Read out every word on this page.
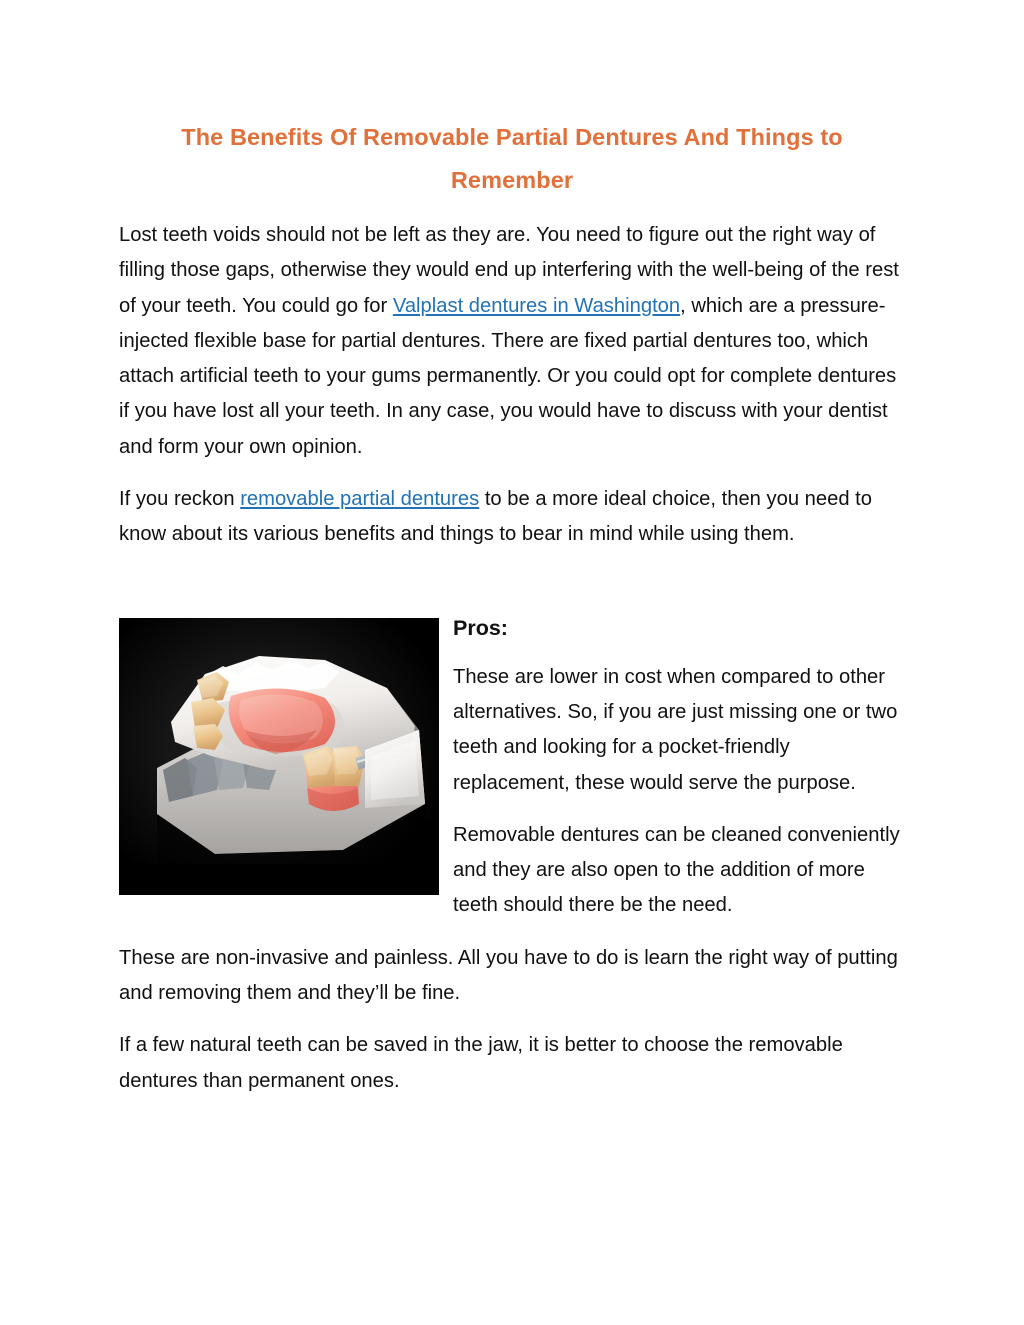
The Benefits Of Removable Partial Dentures And Things to Remember

Lost teeth voids should not be left as they are. You need to figure out the right way of filling those gaps, otherwise they would end up interfering with the well-being of the rest of your teeth. You could go for Valplast dentures in Washington, which are a pressure-injected flexible base for partial dentures. There are fixed partial dentures too, which attach artificial teeth to your gums permanently. Or you could opt for complete dentures if you have lost all your teeth. In any case, you would have to discuss with your dentist and form your own opinion.

If you reckon removable partial dentures to be a more ideal choice, then you need to know about its various benefits and things to bear in mind while using them.

Pros:

These are lower in cost when compared to other alternatives. So, if you are just missing one or two teeth and looking for a pocket-friendly replacement, these would serve the purpose.

Removable dentures can be cleaned conveniently and they are also open to the addition of more teeth should there be the need.

These are non-invasive and painless. All you have to do is learn the right way of putting and removing them and they’ll be fine.

If a few natural teeth can be saved in the jaw, it is better to choose the removable dentures than permanent ones.
